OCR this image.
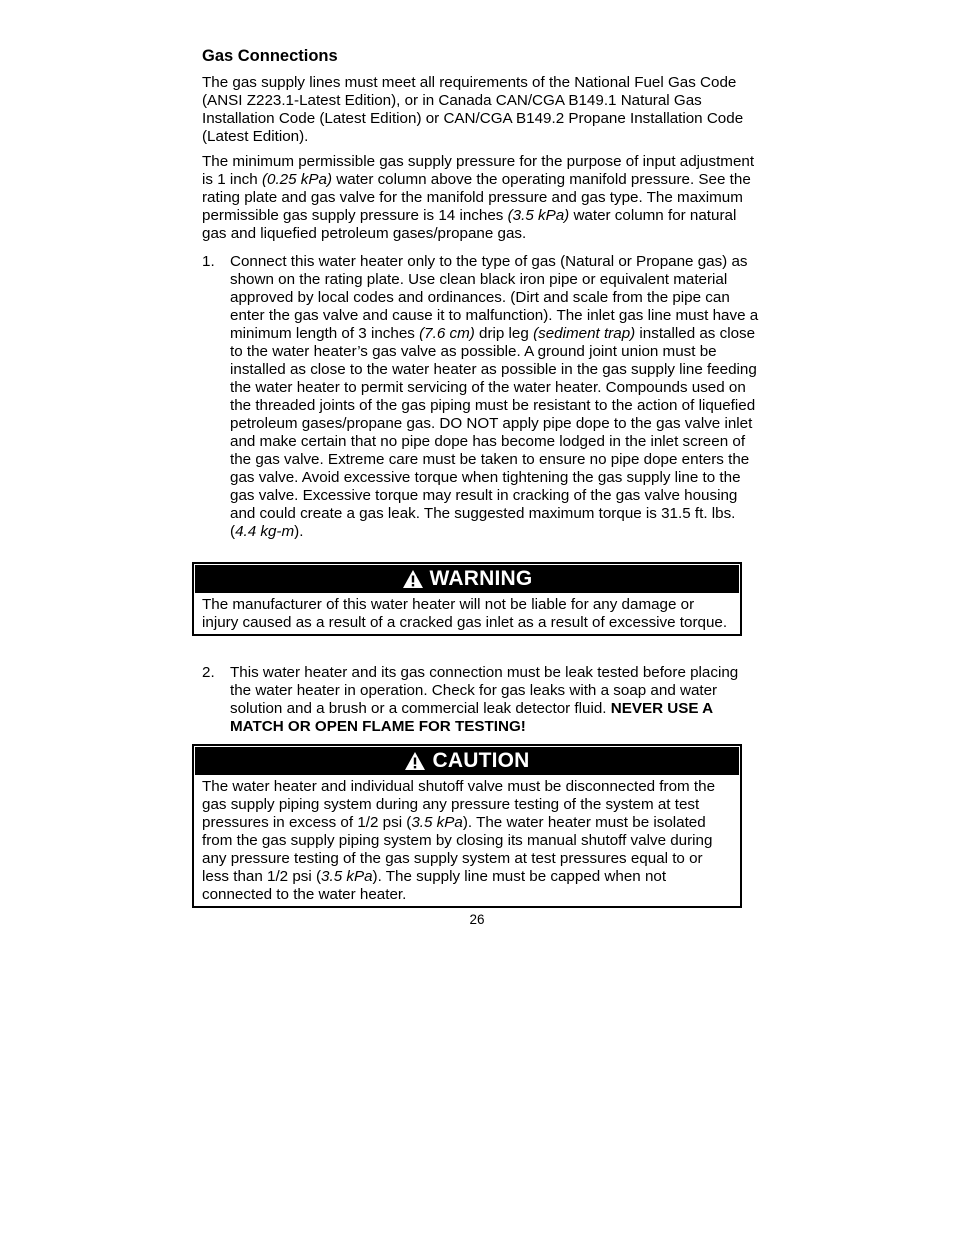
Gas Connections
The gas supply lines must meet all requirements of the National Fuel Gas Code (ANSI Z223.1-Latest Edition), or in Canada CAN/CGA B149.1 Natural Gas Installation Code (Latest Edition) or CAN/CGA B149.2 Propane Installation Code (Latest Edition).
The minimum permissible gas supply pressure for the purpose of input adjustment is 1 inch (0.25 kPa) water column above the operating manifold pressure. See the rating plate and gas valve for the manifold pressure and gas type. The maximum permissible gas supply pressure is 14 inches (3.5 kPa) water column for natural gas and liquefied petroleum gases/propane gas.
1. Connect this water heater only to the type of gas (Natural or Propane gas) as shown on the rating plate. Use clean black iron pipe or equivalent material approved by local codes and ordinances. (Dirt and scale from the pipe can enter the gas valve and cause it to malfunction). The inlet gas line must have a minimum length of 3 inches (7.6 cm) drip leg (sediment trap) installed as close to the water heater’s gas valve as possible. A ground joint union must be installed as close to the water heater as possible in the gas supply line feeding the water heater to permit servicing of the water heater. Compounds used on the threaded joints of the gas piping must be resistant to the action of liquefied petroleum gases/propane gas. DO NOT apply pipe dope to the gas valve inlet and make certain that no pipe dope has become lodged in the inlet screen of the gas valve. Extreme care must be taken to ensure no pipe dope enters the gas valve. Avoid excessive torque when tightening the gas supply line to the gas valve. Excessive torque may result in cracking of the gas valve housing and could create a gas leak. The suggested maximum torque is 31.5 ft. lbs. (4.4 kg-m).
WARNING
The manufacturer of this water heater will not be liable for any damage or injury caused as a result of a cracked gas inlet as a result of excessive torque.
2. This water heater and its gas connection must be leak tested before placing the water heater in operation. Check for gas leaks with a soap and water solution and a brush or a commercial leak detector fluid. NEVER USE A MATCH OR OPEN FLAME FOR TESTING!
CAUTION
The water heater and individual shutoff valve must be disconnected from the gas supply piping system during any pressure testing of the system at test pressures in excess of 1/2 psi (3.5 kPa). The water heater must be isolated from the gas supply piping system by closing its manual shutoff valve during any pressure testing of the gas supply system at test pressures equal to or less than 1/2 psi (3.5 kPa). The supply line must be capped when not connected to the water heater.
26
